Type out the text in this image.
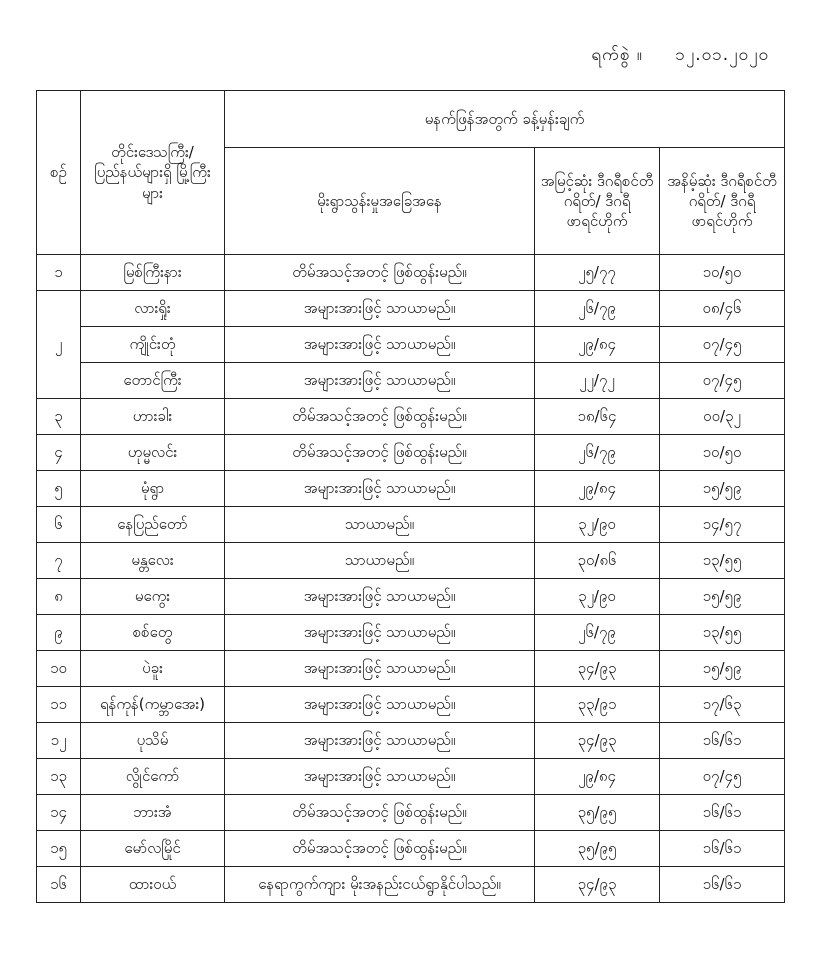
ရက်စွဲ ။ ၁၂.၀၁.၂၀၂၀
စဉ်	တိုင်းဒေသကြီး/ ပြည်နယ်များရှိ မြို့ကြီးများ	မနက်ဖြန်အတွက် ခန့်မှန်းချက်		
		မိုးရွာသွန်းမှုအခြေအနေ	အမြင့်ဆုံး ဒီဂရီစင်တီဂရိတ်/ ဒီဂရီဖာရင်ဟိုက်	အနိမ့်ဆုံး ဒီဂရီစင်တီဂရိတ်/ ဒီဂရီဖာရင်ဟိုက်
၁	မြစ်ကြီးနား	တိမ်အသင့်အတင့် ဖြစ်ထွန်းမည်။	၂၅/၇၇	၁၀/၅၀
၂	လားရှိုး	အများအားဖြင့် သာယာမည်။	၂၆/၇၉	၀၈/၄၆
	ကျိုင်းတုံ	အများအားဖြင့် သာယာမည်။	၂၉/၈၄	၀၇/၄၅
	တောင်ကြီး	အများအားဖြင့် သာယာမည်။	၂၂/၇၂	၀၇/၄၅
၃	ဟားခါး	တိမ်အသင့်အတင့် ဖြစ်ထွန်းမည်။	၁၈/၆၄	၀၀/၃၂
၄	ဟုမ္မလင်း	တိမ်အသင့်အတင့် ဖြစ်ထွန်းမည်။	၂၆/၇၉	၁၀/၅၀
၅	မုံရွာ	အများအားဖြင့် သာယာမည်။	၂၉/၈၄	၁၅/၅၉
၆	နေပြည်တော်	သာယာမည်။	၃၂/၉၀	၁၄/၅၇
၇	မန္တလေး	သာယာမည်။	၃၀/၈၆	၁၃/၅၅
၈	မကွေး	အများအားဖြင့် သာယာမည်။	၃၂/၉၀	၁၅/၅၉
၉	စစ်တွေ	အများအားဖြင့် သာယာမည်။	၂၆/၇၉	၁၃/၅၅
၁၀	ပဲခူး	အများအားဖြင့် သာယာမည်။	၃၄/၉၃	၁၅/၅၉
၁၁	ရန်ကုန်(ကမ္ဘာအေး)	အများအားဖြင့် သာယာမည်။	၃၃/၉၁	၁၇/၆၃
၁၂	ပုသိမ်	အများအားဖြင့် သာယာမည်။	၃၄/၉၃	၁၆/၆၁
၁၃	လွိုင်ကော်	အများအားဖြင့် သာယာမည်။	၂၉/၈၄	၀၇/၄၅
၁၄	ဘားအံ	တိမ်အသင့်အတင့် ဖြစ်ထွန်းမည်။	၃၅/၉၅	၁၆/၆၁
၁၅	မော်လမြိုင်	တိမ်အသင့်အတင့် ဖြစ်ထွန်းမည်။	၃၅/၉၅	၁၆/၆၁
၁၆	ထားဝယ်	နေရာကွက်ကျား မိုးအနည်းငယ်ရွာနိုင်ပါသည်။	၃၄/၉၃	၁၆/၆၁
